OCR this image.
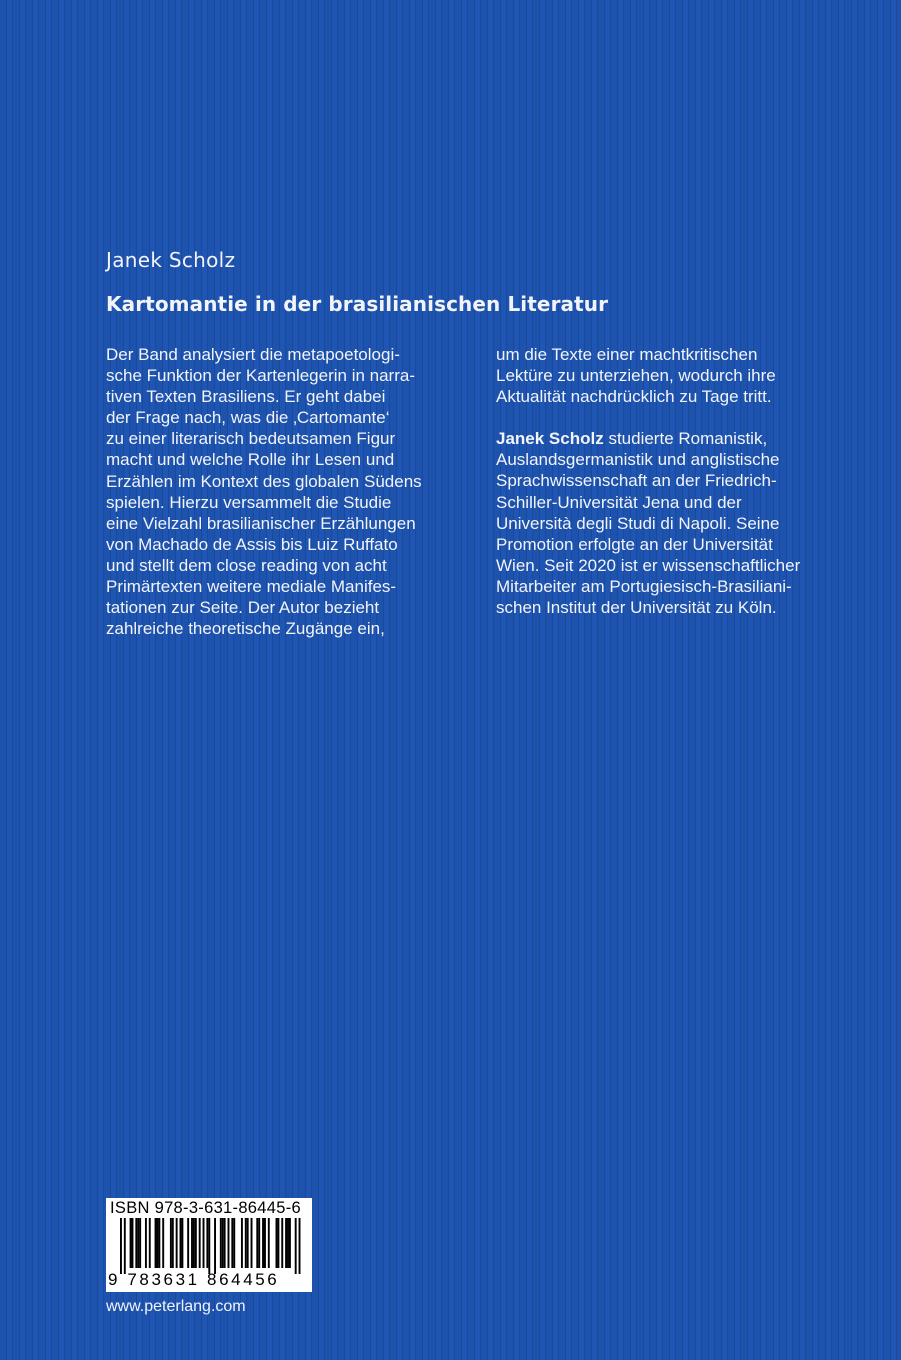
Janek Scholz
Kartomantie in der brasilianischen Literatur
Der Band analysiert die metapoetologi-
sche Funktion der Kartenlegerin in narra-
tiven Texten Brasiliens. Er geht dabei
der Frage nach, was die ‚Cartomante‘
zu einer literarisch bedeutsamen Figur
macht und welche Rolle ihr Lesen und
Erzählen im Kontext des globalen Südens
spielen. Hierzu versammelt die Studie
eine Vielzahl brasilianischer Erzählungen
von Machado de Assis bis Luiz Ruffato
und stellt dem close reading von acht
Primärtexten weitere mediale Manifes-
tationen zur Seite. Der Autor bezieht
zahlreiche theoretische Zugänge ein,
um die Texte einer machtkritischen
Lektüre zu unterziehen, wodurch ihre
Aktualität nachdrücklich zu Tage tritt.
Janek Scholz studierte Romanistik,
Auslandsgermanistik und anglistische
Sprachwissenschaft an der Friedrich-
Schiller-Universität Jena und der
Università degli Studi di Napoli. Seine
Promotion erfolgte an der Universität
Wien. Seit 2020 ist er wissenschaftlicher
Mitarbeiter am Portugiesisch-Brasiliani-
schen Institut der Universität zu Köln.
ISBN 978-3-631-86445-6
9 783631 864456
www.peterlang.com
